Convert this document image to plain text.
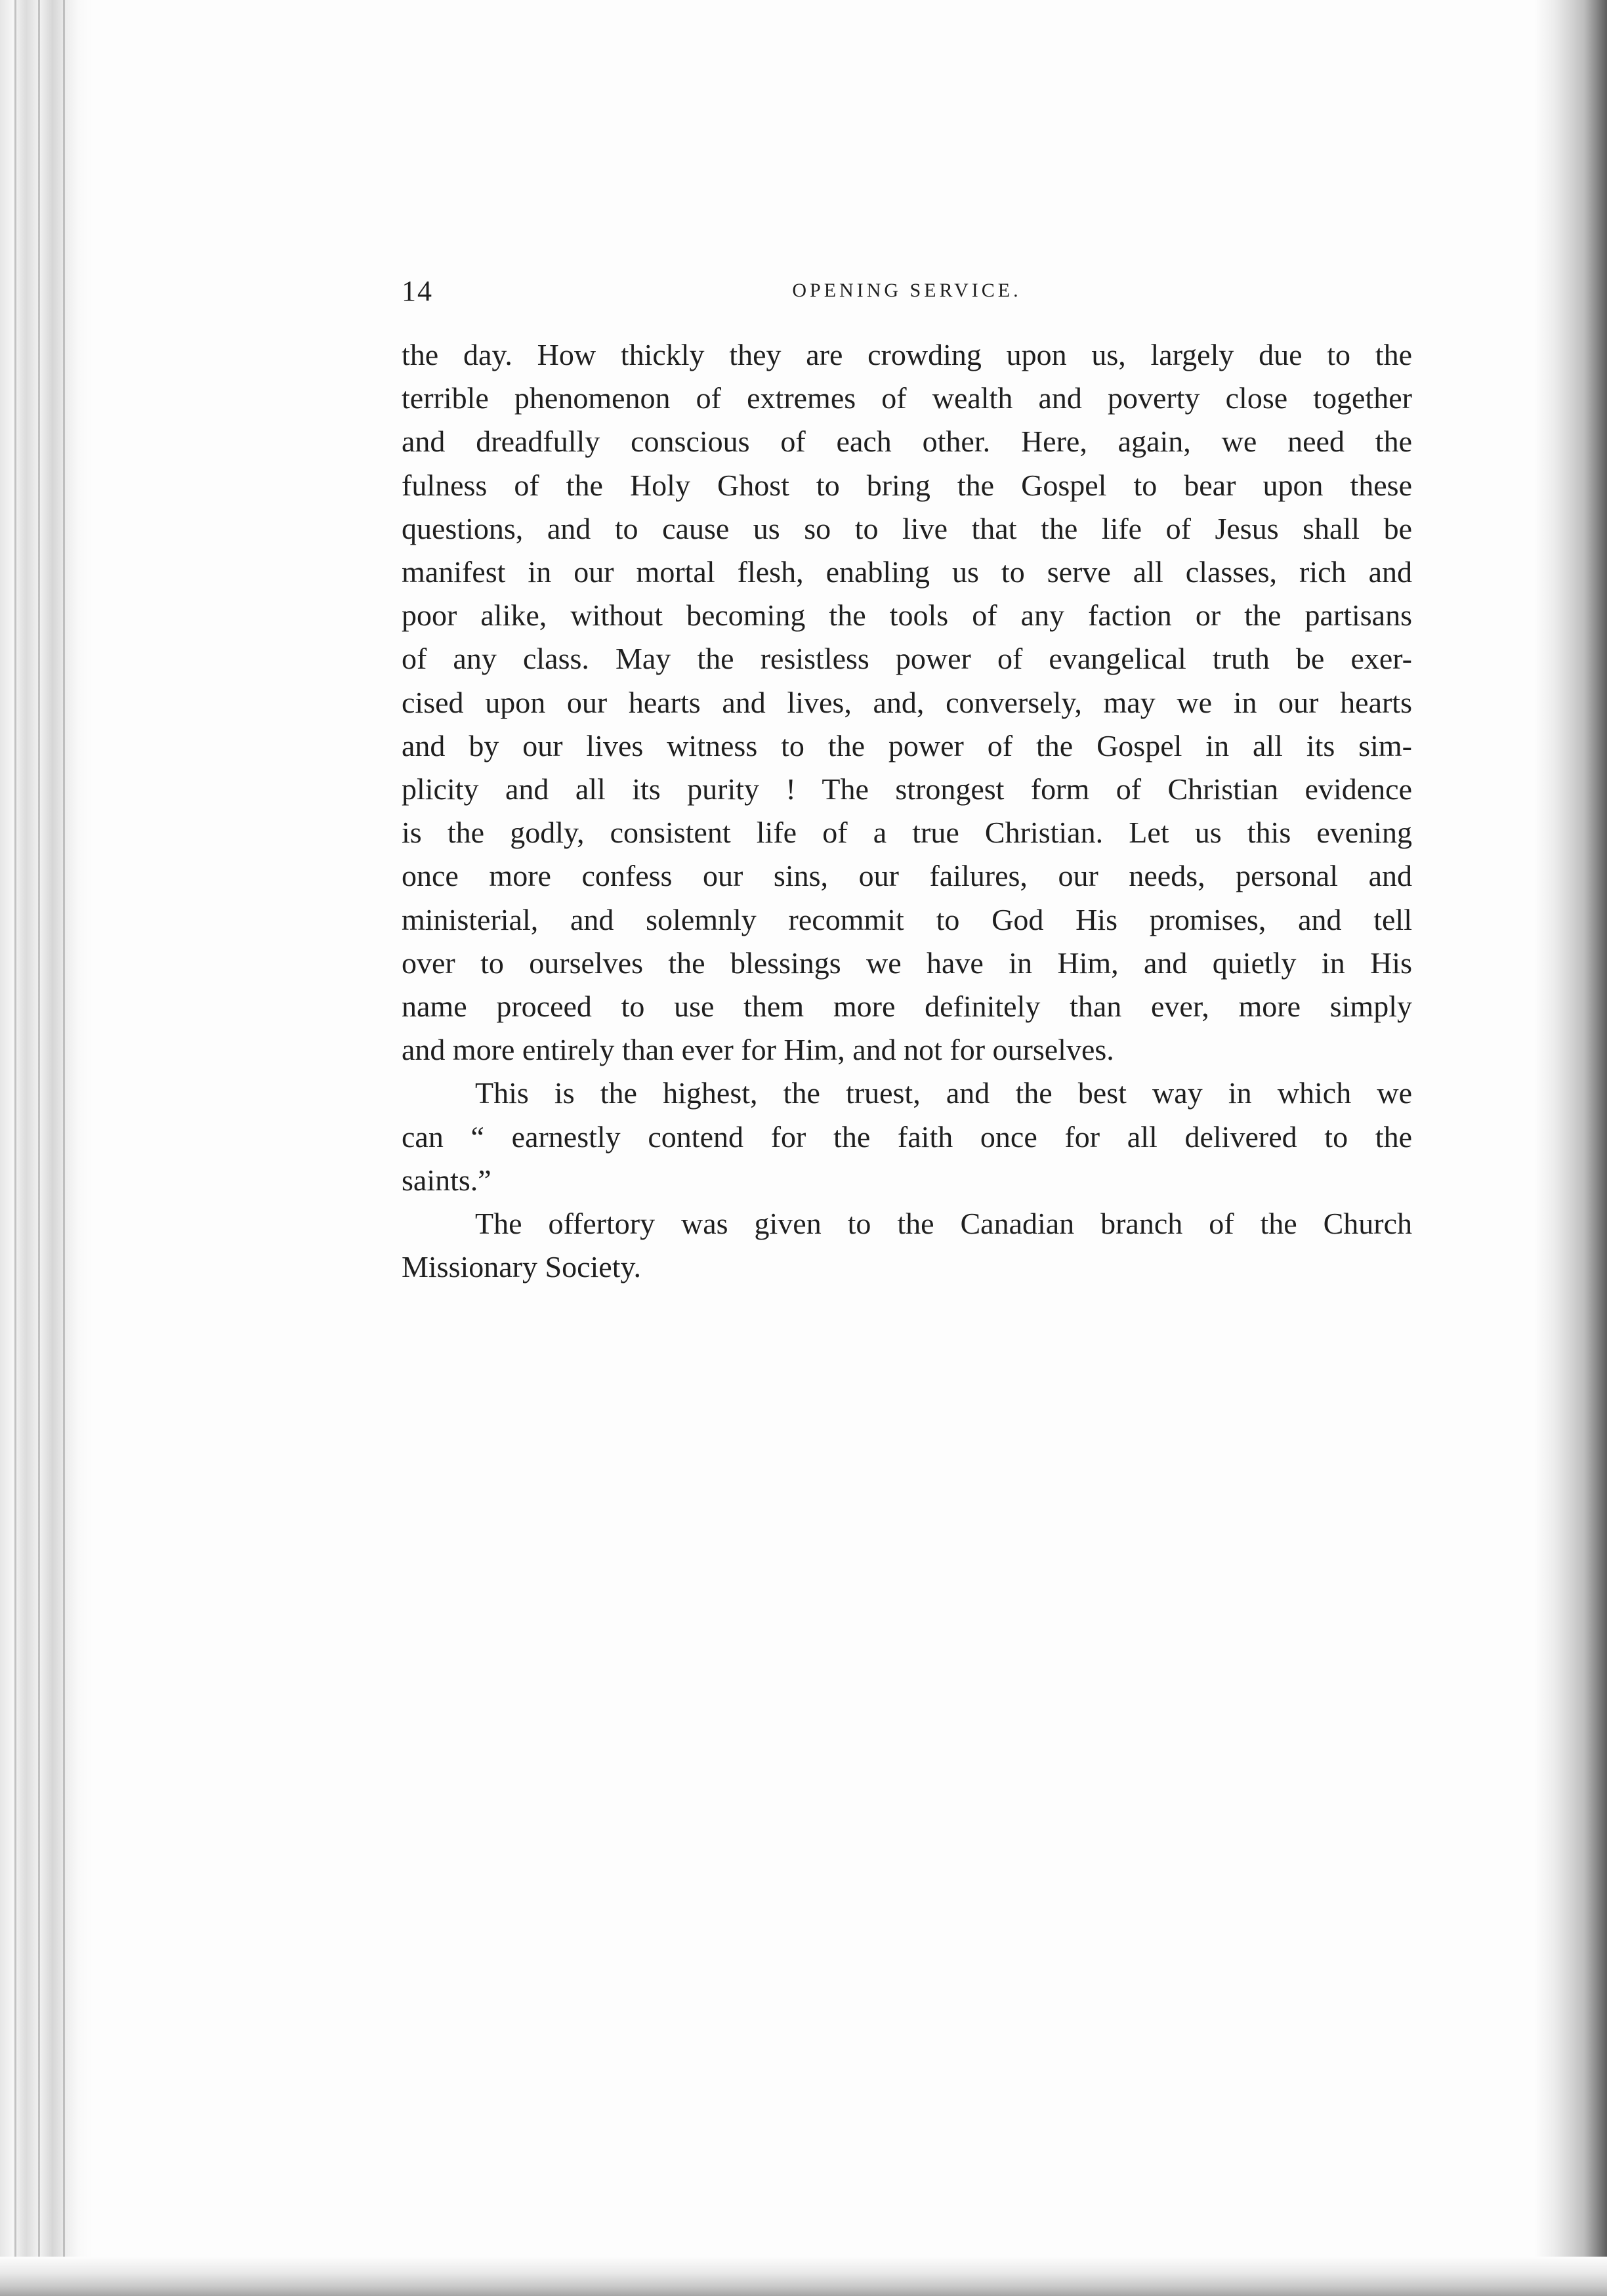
14	OPENING SERVICE.
the day. How thickly they are crowding upon us, largely due to the
terrible phenomenon of extremes of wealth and poverty close together
and dreadfully conscious of each other. Here, again, we need the
fulness of the Holy Ghost to bring the Gospel to bear upon these
questions, and to cause us so to live that the life of Jesus shall be
manifest in our mortal flesh, enabling us to serve all classes, rich and
poor alike, without becoming the tools of any faction or the partisans
of any class. May the resistless power of evangelical truth be exer-
cised upon our hearts and lives, and, conversely, may we in our hearts
and by our lives witness to the power of the Gospel in all its sim-
plicity and all its purity ! The strongest form of Christian evidence
is the godly, consistent life of a true Christian. Let us this evening
once more confess our sins, our failures, our needs, personal and
ministerial, and solemnly recommit to God His promises, and tell
over to ourselves the blessings we have in Him, and quietly in His
name proceed to use them more definitely than ever, more simply
and more entirely than ever for Him, and not for ourselves.
This is the highest, the truest, and the best way in which we
can “ earnestly contend for the faith once for all delivered to the
saints.”
The offertory was given to the Canadian branch of the Church
Missionary Society.
